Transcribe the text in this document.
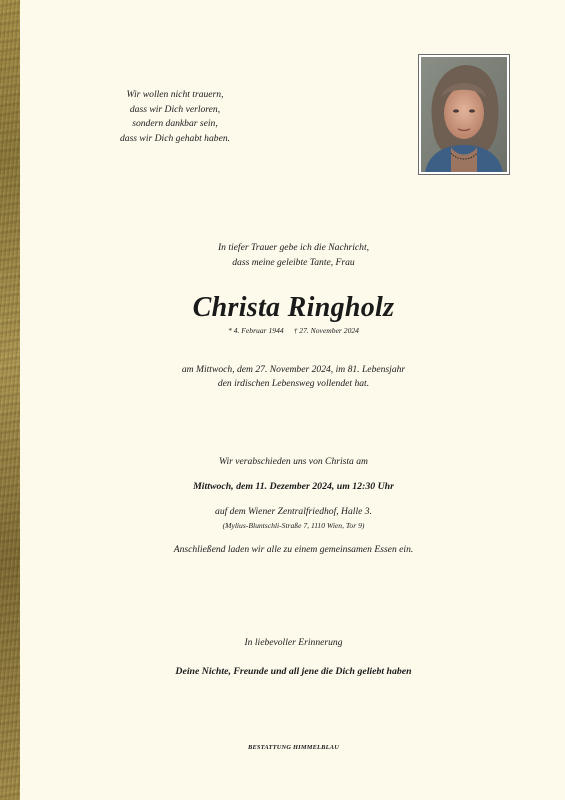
Wir wollen nicht trauern,
dass wir Dich verloren,
sondern dankbar sein,
dass wir Dich gehabt haben.
In tiefer Trauer gebe ich die Nachricht,
dass meine geleibte Tante, Frau
Christa Ringholz
* 4. Februar 1944 † 27. November 2024
am Mittwoch, dem 27. November 2024, im 81. Lebensjahr
den irdischen Lebensweg vollendet hat.
Wir verabschieden uns von Christa am
Mittwoch, dem 11. Dezember 2024, um 12:30 Uhr
auf dem Wiener Zentralfriedhof, Halle 3.
(Mylius-Bluntschli-Straße 7, 1110 Wien, Tor 9)
Anschließend laden wir alle zu einem gemeinsamen Essen ein.
In liebevoller Erinnerung
Deine Nichte, Freunde und all jene die Dich geliebt haben
BESTATTUNG HIMMELBLAU
